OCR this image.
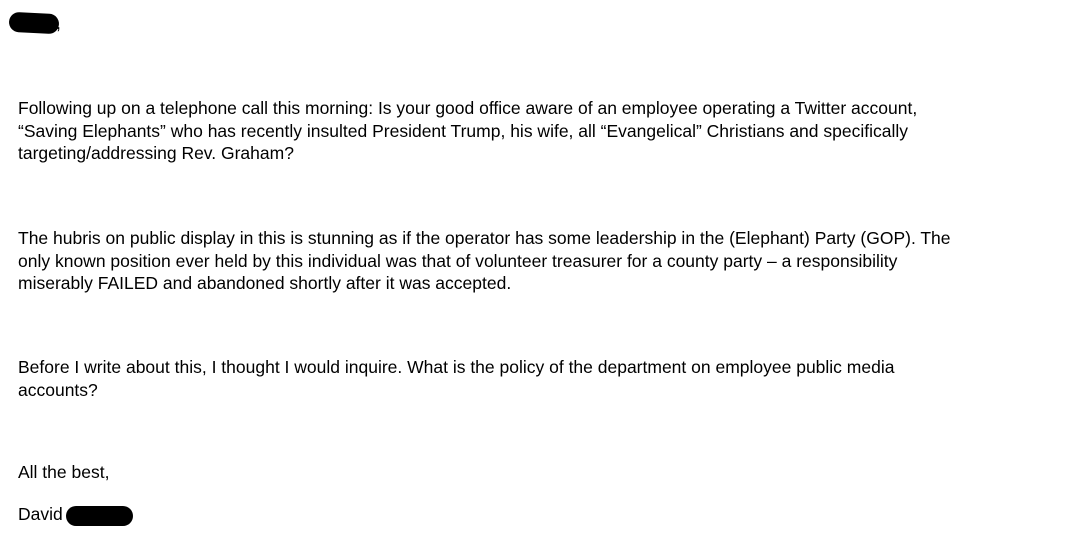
,

Following up on a telephone call this morning: Is your good office aware of an employee operating a Twitter account,
“Saving Elephants” who has recently insulted President Trump, his wife, all “Evangelical” Christians and specifically
targeting/addressing Rev. Graham?

The hubris on public display in this is stunning as if the operator has some leadership in the (Elephant) Party (GOP). The
only known position ever held by this individual was that of volunteer treasurer for a county party – a responsibility
miserably FAILED and abandoned shortly after it was accepted.

Before I write about this, I thought I would inquire. What is the policy of the department on employee public media
accounts?

All the best,

David
